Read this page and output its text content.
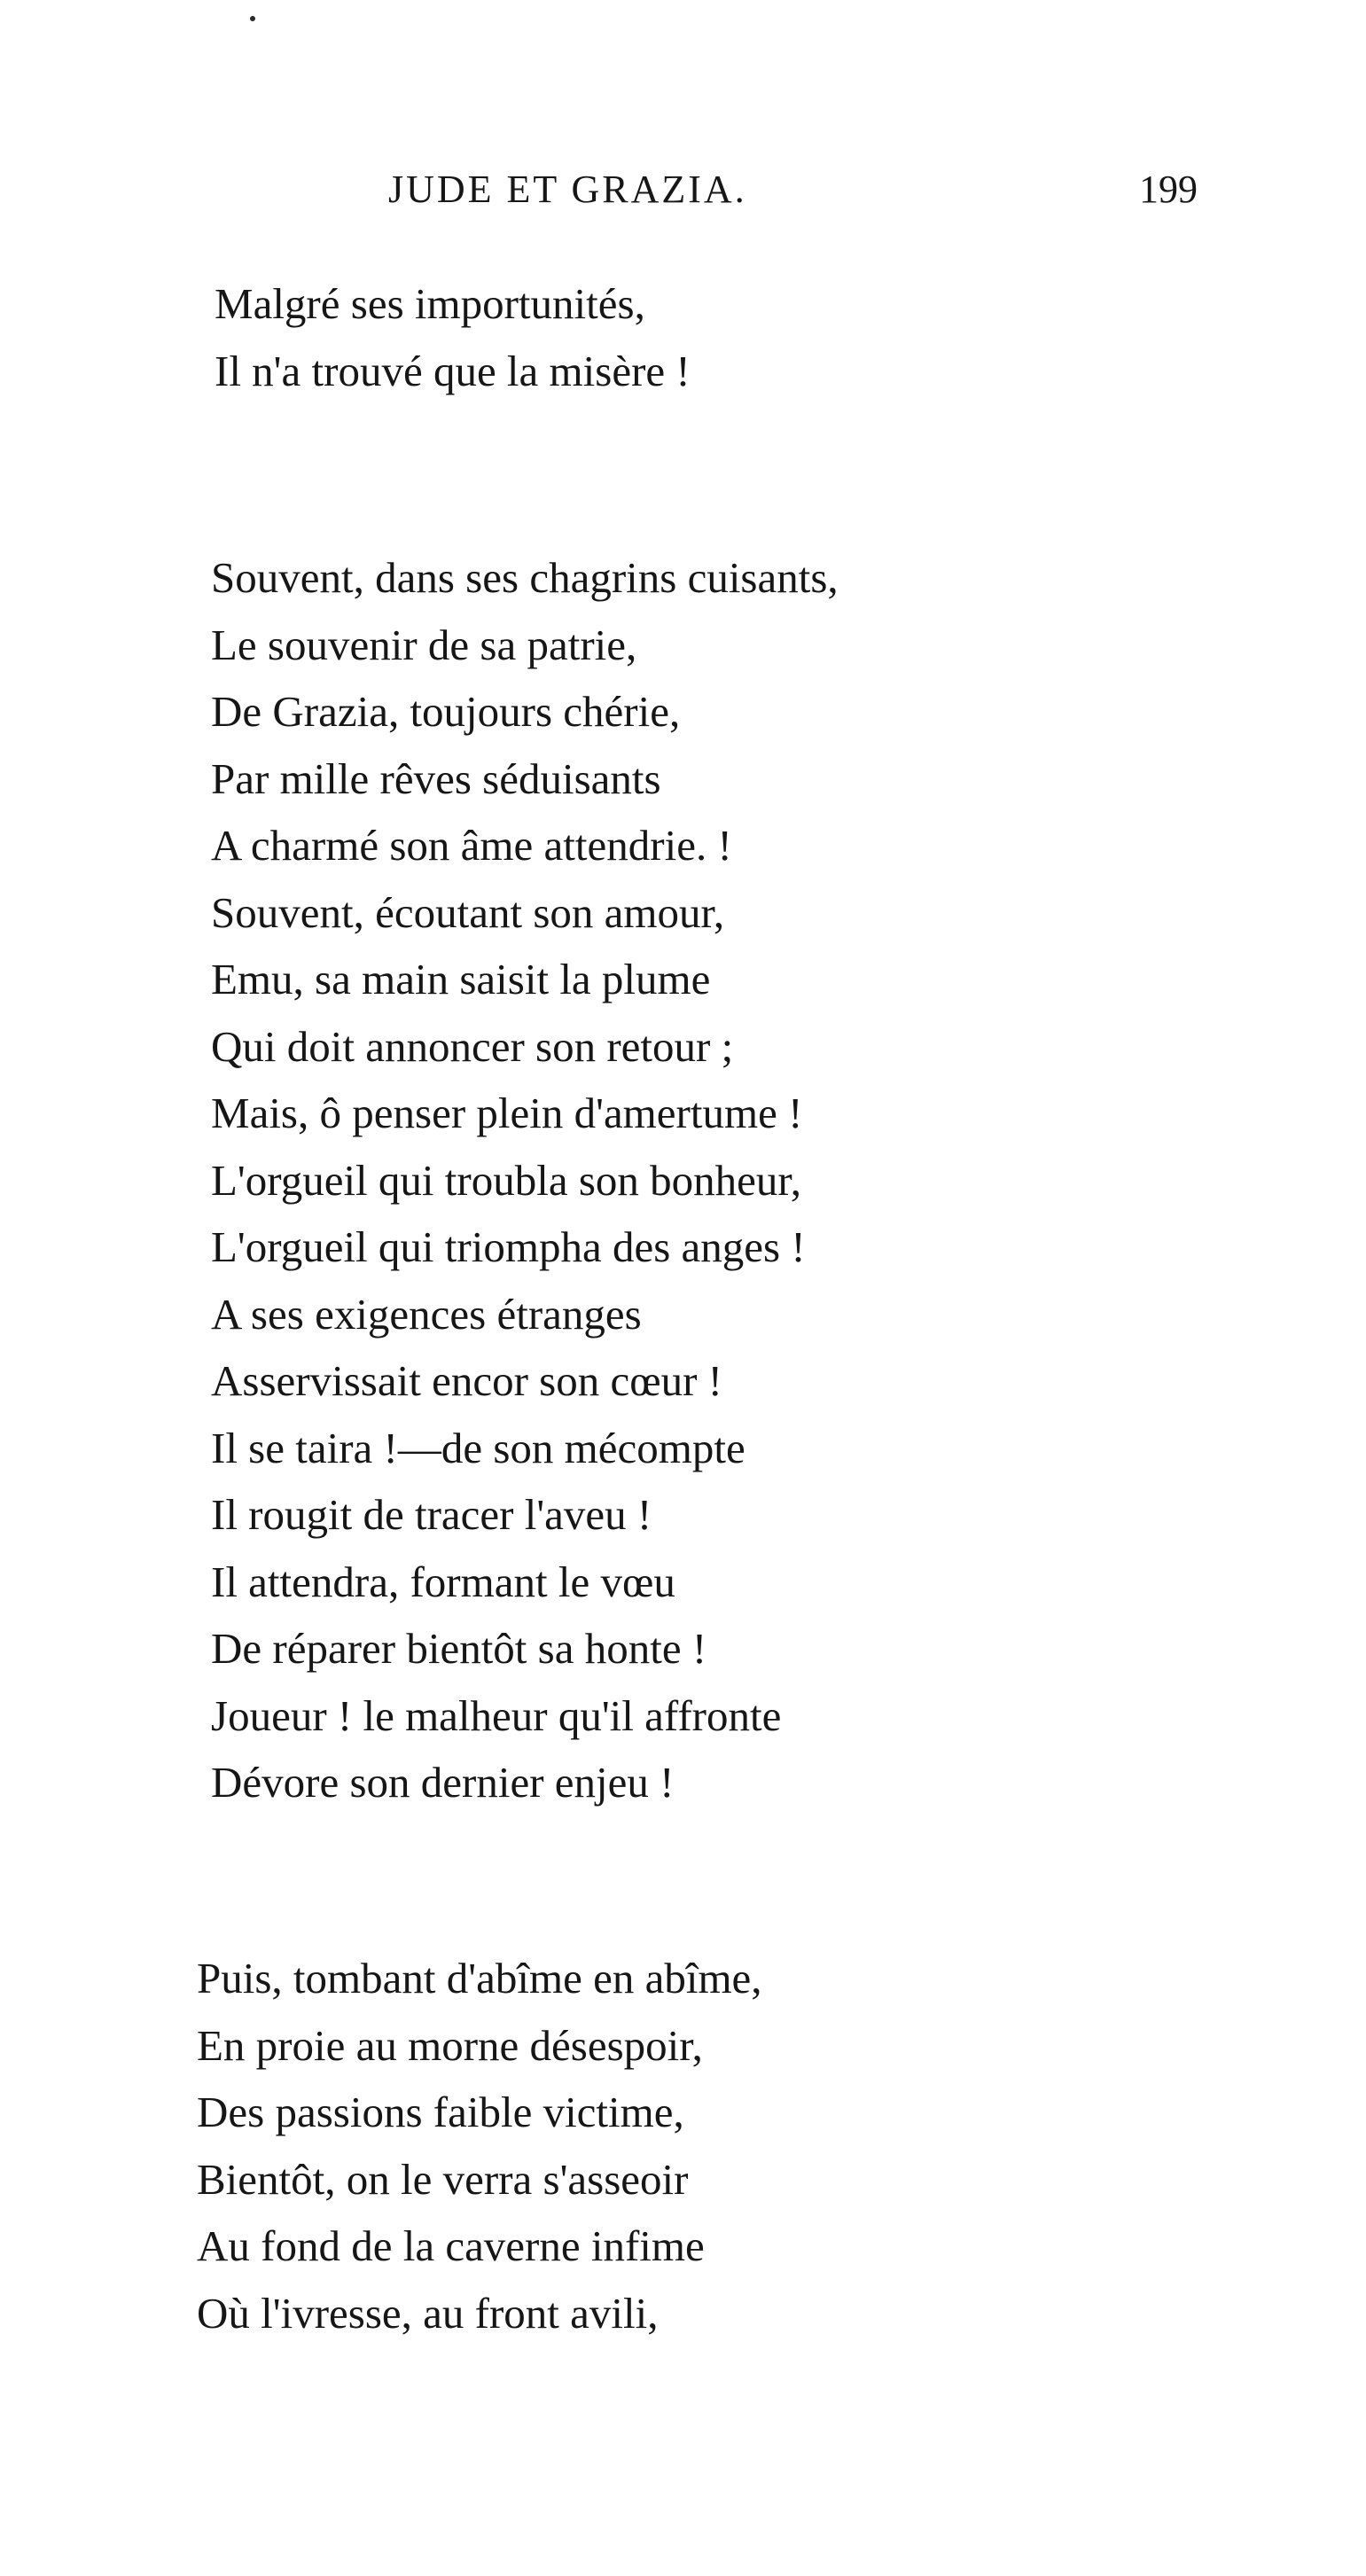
JUDE ET GRAZIA.	199
Malgré ses importunités,
Il n'a trouvé que la misère !
Souvent, dans ses chagrins cuisants,
Le souvenir de sa patrie,
De Grazia, toujours chérie,
Par mille rêves séduisants
A charmé son âme attendrie. !
Souvent, écoutant son amour,
Emu, sa main saisit la plume
Qui doit annoncer son retour ;
Mais, ô penser plein d'amertume !
L'orgueil qui troubla son bonheur,
L'orgueil qui triompha des anges !
A ses exigences étranges
Asservissait encor son cœur !
Il se taira !—de son mécompte
Il rougit de tracer l'aveu !
Il attendra, formant le vœu
De réparer bientôt sa honte !
Joueur ! le malheur qu'il affronte
Dévore son dernier enjeu !
Puis, tombant d'abîme en abîme,
En proie au morne désespoir,
Des passions faible victime,
Bientôt, on le verra s'asseoir
Au fond de la caverne infime
Où l'ivresse, au front avili,
